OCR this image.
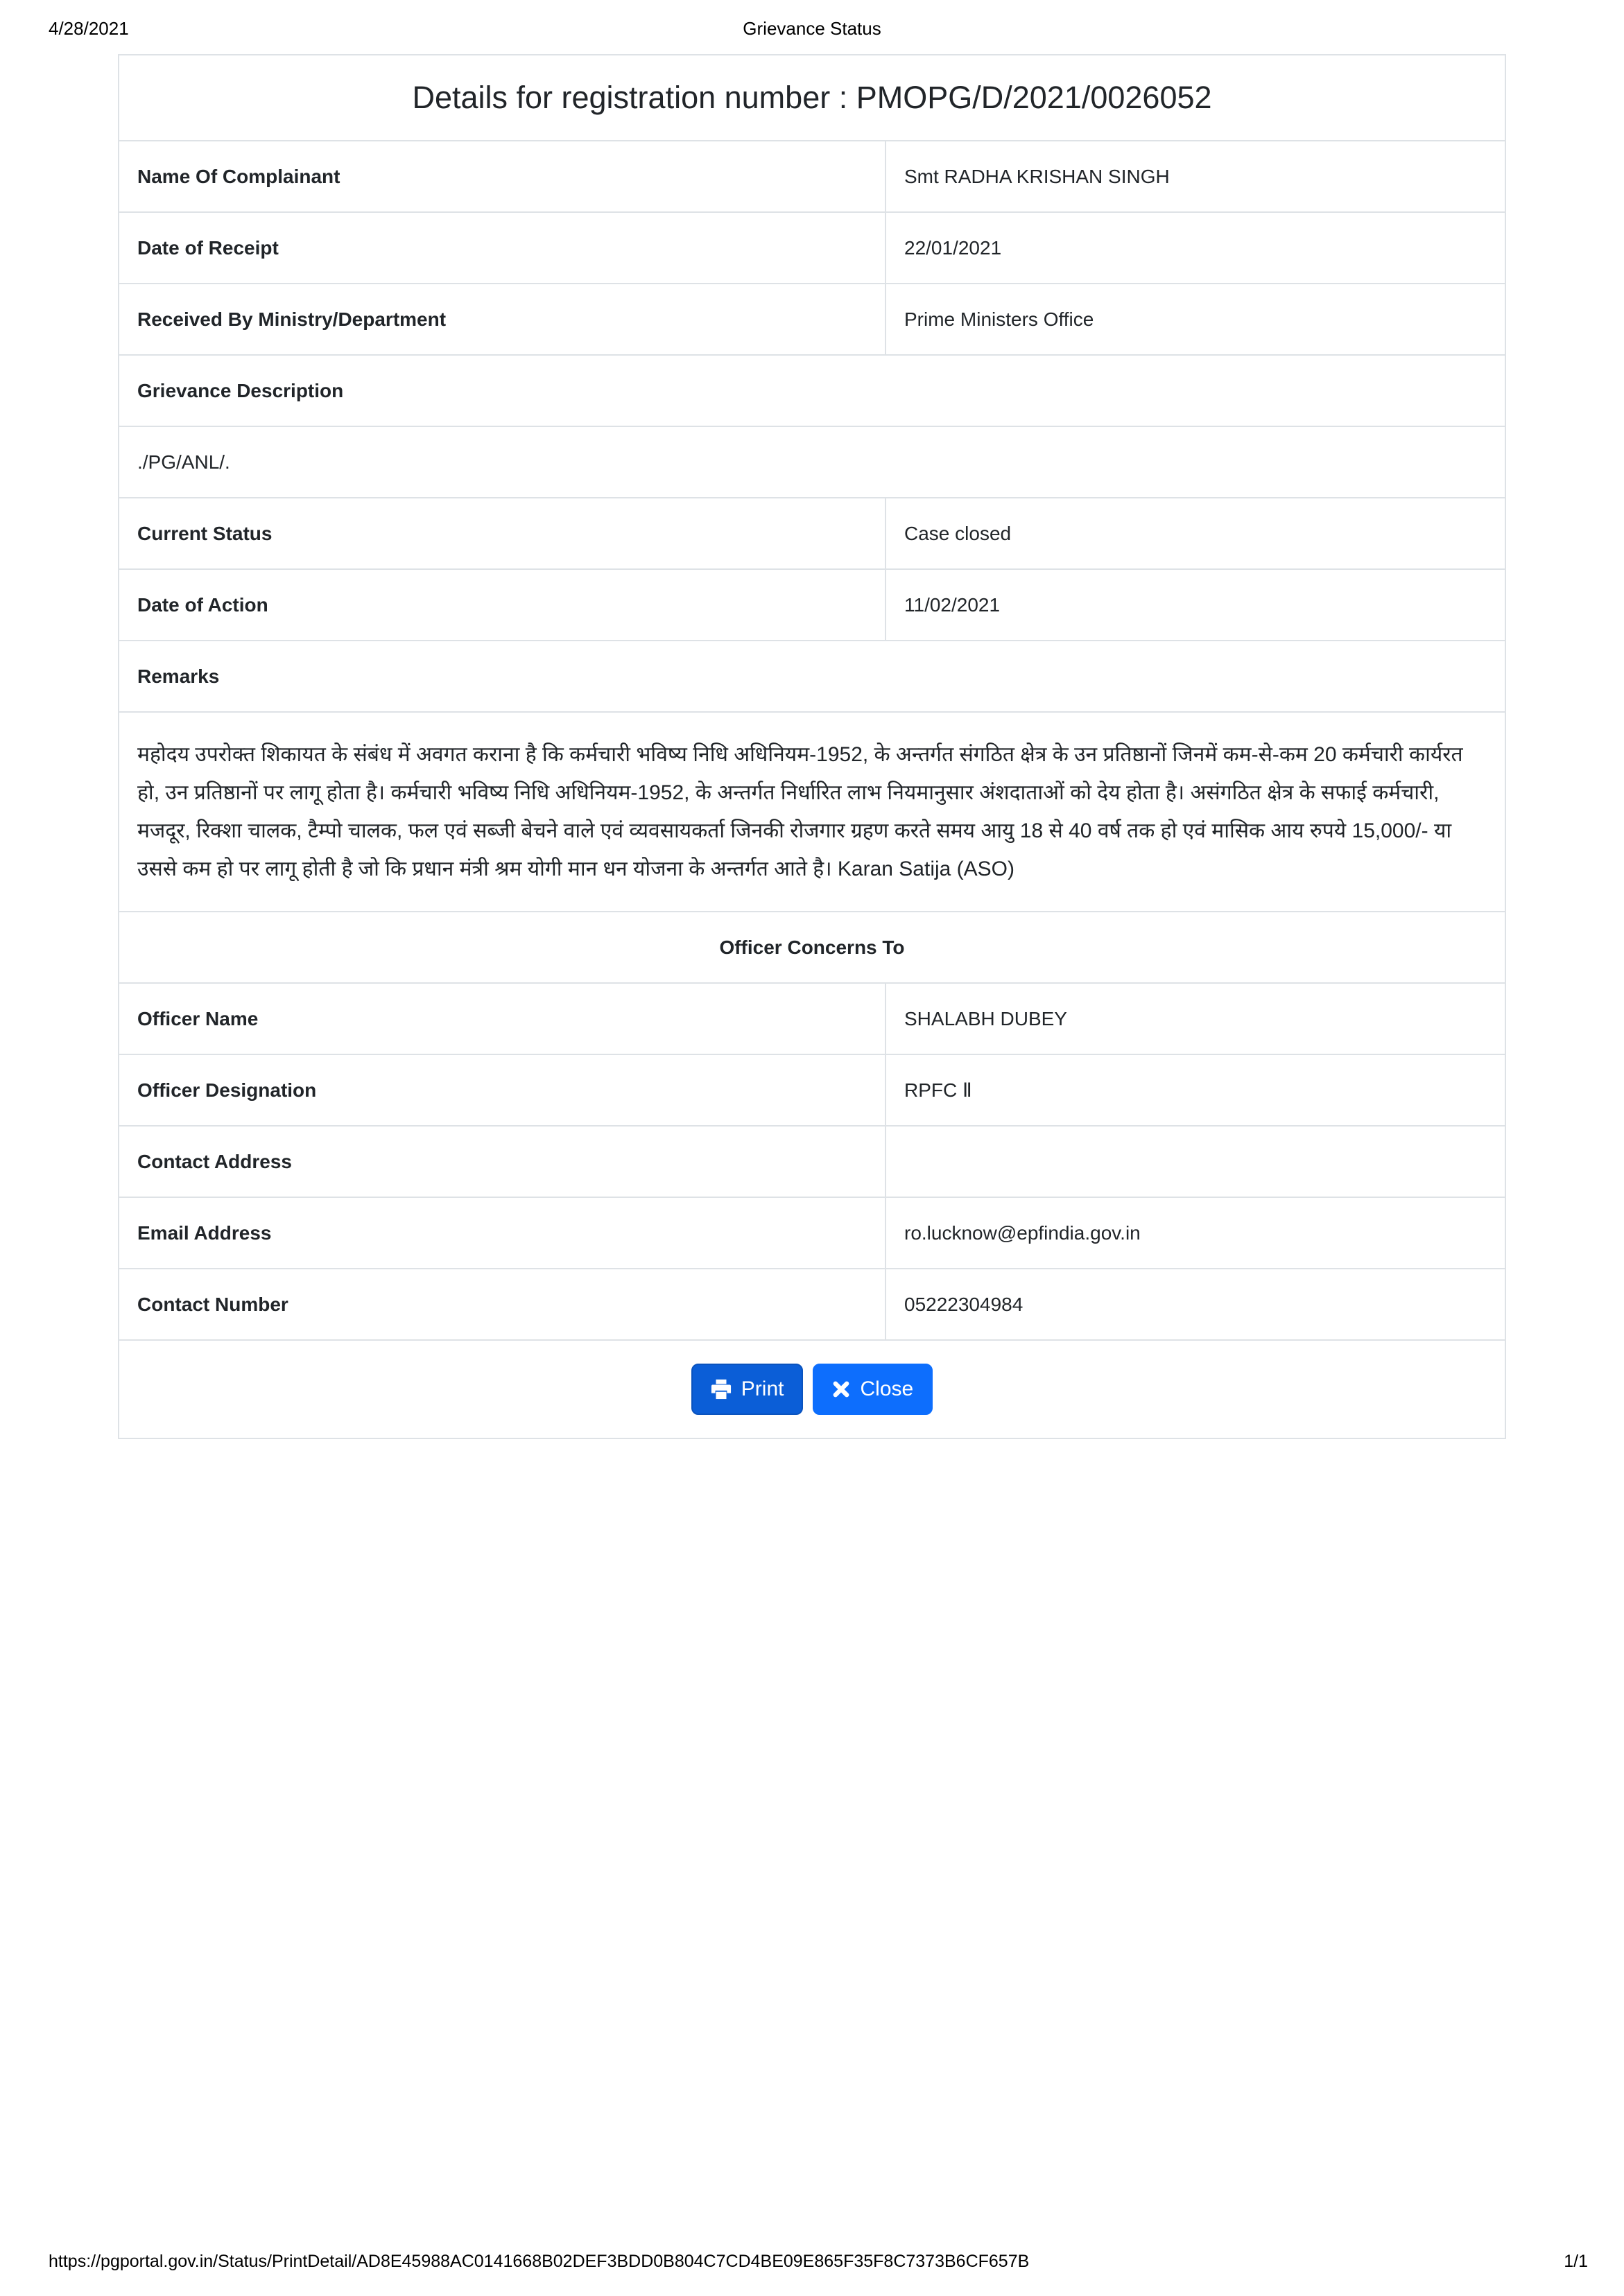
4/28/2021	Grievance Status
Details for registration number : PMOPG/D/2021/0026052	
Name Of Complainant	Smt RADHA KRISHAN SINGH
Date of Receipt	22/01/2021
Received By Ministry/Department	Prime Ministers Office
Grievance Description	
./PG/ANL/.	
Current Status	Case closed
Date of Action	11/02/2021
Remarks	
महोदय उपरोक्त शिकायत के संबंध में अवगत कराना है कि कर्मचारी भविष्य निधि अधिनियम-1952, के अन्तर्गत संगठित क्षेत्र के उन प्रतिष्ठानों जिनमें कम-से-कम 20 कर्मचारी कार्यरत हो, उन प्रतिष्ठानों पर लागू होता है। कर्मचारी भविष्य निधि अधिनियम-1952, के अन्तर्गत निर्धारित लाभ नियमानुसार अंशदाताओं को देय होता है। असंगठित क्षेत्र के सफाई कर्मचारी, मजदूर, रिक्शा चालक, टैम्पो चालक, फल एवं सब्जी बेचने वाले एवं व्यवसायकर्ता जिनकी रोजगार ग्रहण करते समय आयु 18 से 40 वर्ष तक हो एवं मासिक आय रुपये 15,000/- या उससे कम हो पर लागू होती है जो कि प्रधान मंत्री श्रम योगी मान धन योजना के अन्तर्गत आते है। Karan Satija (ASO)	
Officer Concerns To	
Officer Name	SHALABH DUBEY
Officer Designation	RPFC Ⅱ
Contact Address	
Email Address	ro.lucknow@epfindia.gov.in
Contact Number	05222304984

Print Close	
https://pgportal.gov.in/Status/PrintDetail/AD8E45988AC0141668B02DEF3BDD0B804C7CD4BE09E865F35F8C7373B6CF657B	1/1
